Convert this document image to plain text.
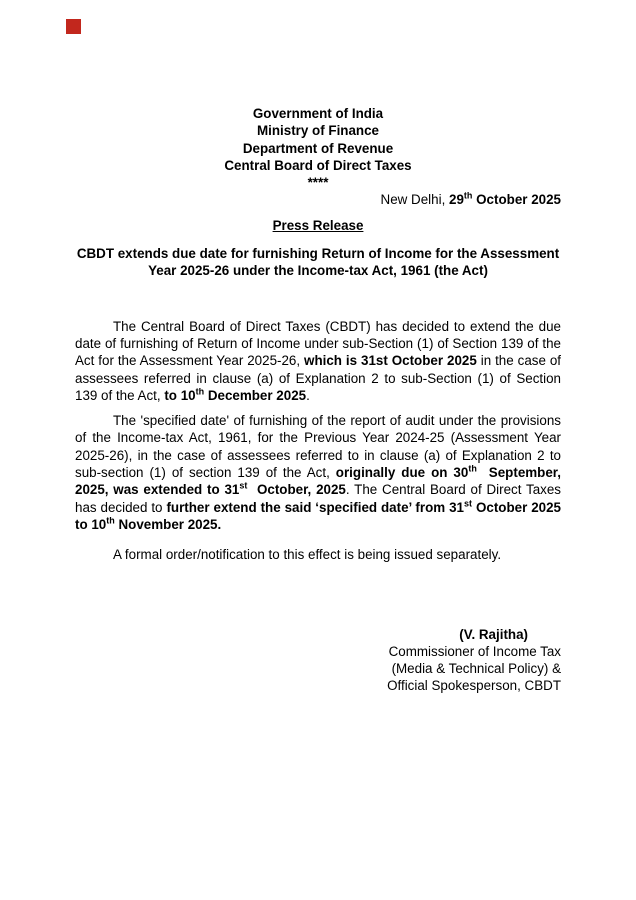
Government of India
Ministry of Finance
Department of Revenue
Central Board of Direct Taxes
****
New Delhi, 29th October 2025
Press Release
CBDT extends due date for furnishing Return of Income for the Assessment
Year 2025-26 under the Income-tax Act, 1961 (the Act)

The Central Board of Direct Taxes (CBDT) has decided to extend the due date of furnishing of Return of Income under sub-Section (1) of Section 139 of the Act for the Assessment Year 2025-26, which is 31st October 2025 in the case of assessees referred in clause (a) of Explanation 2 to sub-Section (1) of Section 139 of the Act, to 10th December 2025.

The 'specified date' of furnishing of the report of audit under the provisions of the Income-tax Act, 1961, for the Previous Year 2024-25 (Assessment Year 2025-26), in the case of assessees referred to in clause (a) of Explanation 2 to sub-section (1) of section 139 of the Act, originally due on 30th  September, 2025, was extended to 31st  October, 2025. The Central Board of Direct Taxes has decided to further extend the said ‘specified date’ from 31st October 2025 to 10th November 2025.

A formal order/notification to this effect is being issued separately.

(V. Rajitha)
Commissioner of Income Tax
(Media & Technical Policy) &
Official Spokesperson, CBDT
